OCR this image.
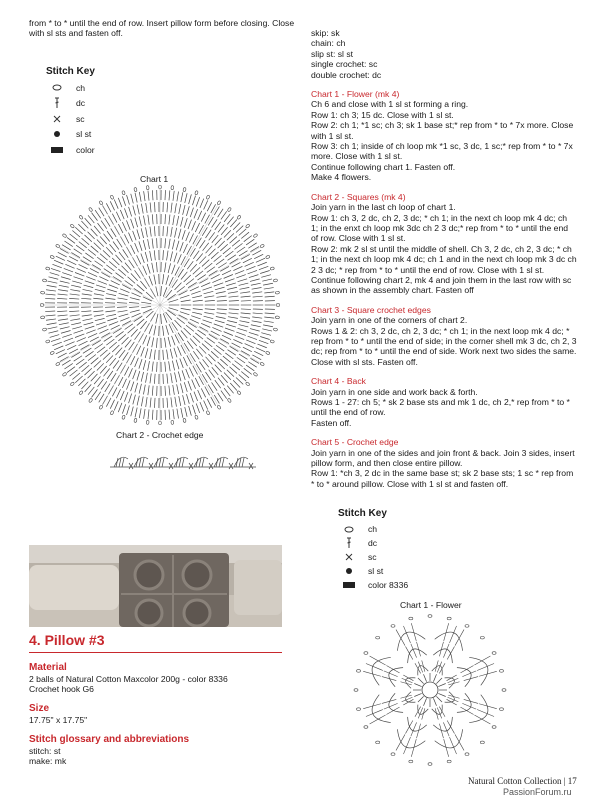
from * to * until the end of row. Insert pillow form before closing. Close

with sl sts and fasten off.

Stitch Key
ch
dc
sc
sl st
color
Chart 1
Chart 2 - Crochet edge
4. Pillow #3
Material
2 balls of Natural Cotton Maxcolor 200g - color 8336
Crochet hook G6
Size
17.75" x 17.75"
Stitch glossary and abbreviations
stitch: st
make: mk
skip: sk
chain: ch
slip st: sl st
single crochet: sc
double crochet: dc

Chart 1 - Flower (mk 4)

Ch 6 and close with 1 sl st forming a ring.

Row 1: ch 3; 15 dc. Close with 1 sl st.

Row 2: ch 1; *1 sc; ch 3; sk 1 base st;* rep from * to * 7x more. Close

with 1 sl st.

Row 3: ch 1; inside of ch loop mk *1 sc, 3 dc, 1 sc;* rep from * to * 7x

more. Close with 1 sl st.

Continue following chart 1. Fasten off.

Make 4 flowers.

Chart 2 - Squares (mk 4)

Join yarn in the last ch loop of chart 1.

Row 1: ch 3, 2 dc, ch 2, 3 dc; * ch 1; in the next ch loop mk 4 dc; ch

1; in the enxt ch loop mk 3dc ch 2 3 dc;* rep from * to * until the end

of row. Close with 1 sl st.

Row 2: mk 2 sl st until the middle of shell. Ch 3, 2 dc, ch 2, 3 dc; * ch

1; in the next ch loop mk 4 dc; ch 1 and in the next ch loop mk 3 dc ch

2 3 dc; * rep from * to * until the end of row. Close with 1 sl st.

Continue following chart 2, mk 4 and join them in the last row with sc

as shown in the assembly chart. Fasten off

Chart 3 - Square crochet edges

Join yarn in one of the corners of chart 2.

Rows 1 & 2: ch 3, 2 dc, ch 2, 3 dc; * ch 1; in the next loop mk 4 dc; *

rep from * to * until the end of side; in the corner shell mk 3 dc, ch 2, 3

dc; rep from * to * until the end of side. Work next two sides the same.

Close with sl sts. Fasten off.

Chart 4 - Back

Join yarn in one side and work back & forth.

Rows 1 - 27: ch 5; * sk 2 base sts and mk 1 dc, ch 2,* rep from * to *

until the end of row.

Fasten off.

Chart 5 - Crochet edge

Join yarn in one of the sides and join front & back. Join 3 sides, insert

pillow form, and then close entire pillow.

Row 1: *ch 3, 2 dc in the same base st; sk 2 base sts; 1 sc * rep from

* to * around pillow. Close with 1 sl st and fasten off.

Stitch Key
ch
dc
sc
sl st
color 8336
Chart 1 - Flower
Natural Cotton Collection | 17
PassionForum.ru
